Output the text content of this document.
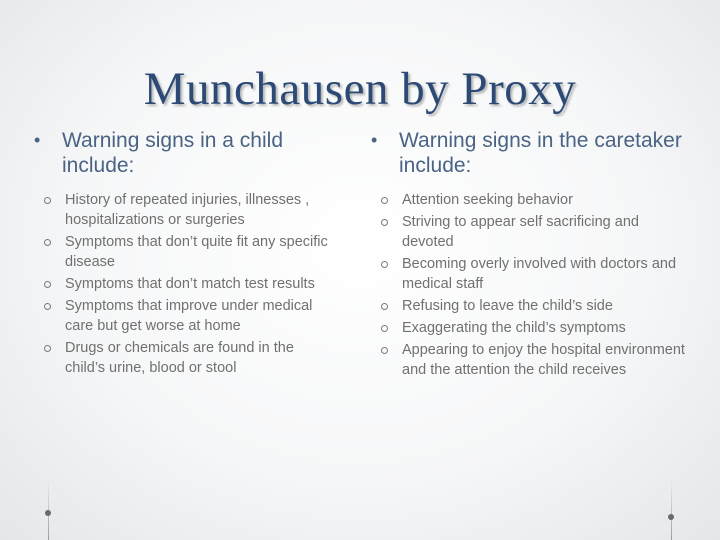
Munchausen by Proxy
• Warning signs in a child include:
History of repeated injuries, illnesses , hospitalizations or surgeries
Symptoms that don’t quite fit any specific disease
Symptoms that don’t match test results
Symptoms that improve under medical care but get worse at home
Drugs or chemicals are found in the child’s urine, blood or stool
• Warning signs in the caretaker include:
Attention seeking behavior
Striving to appear self sacrificing and devoted
Becoming overly involved with doctors and medical staff
Refusing to leave the child’s side
Exaggerating the child’s symptoms
Appearing to enjoy the hospital environment and the attention the child receives
